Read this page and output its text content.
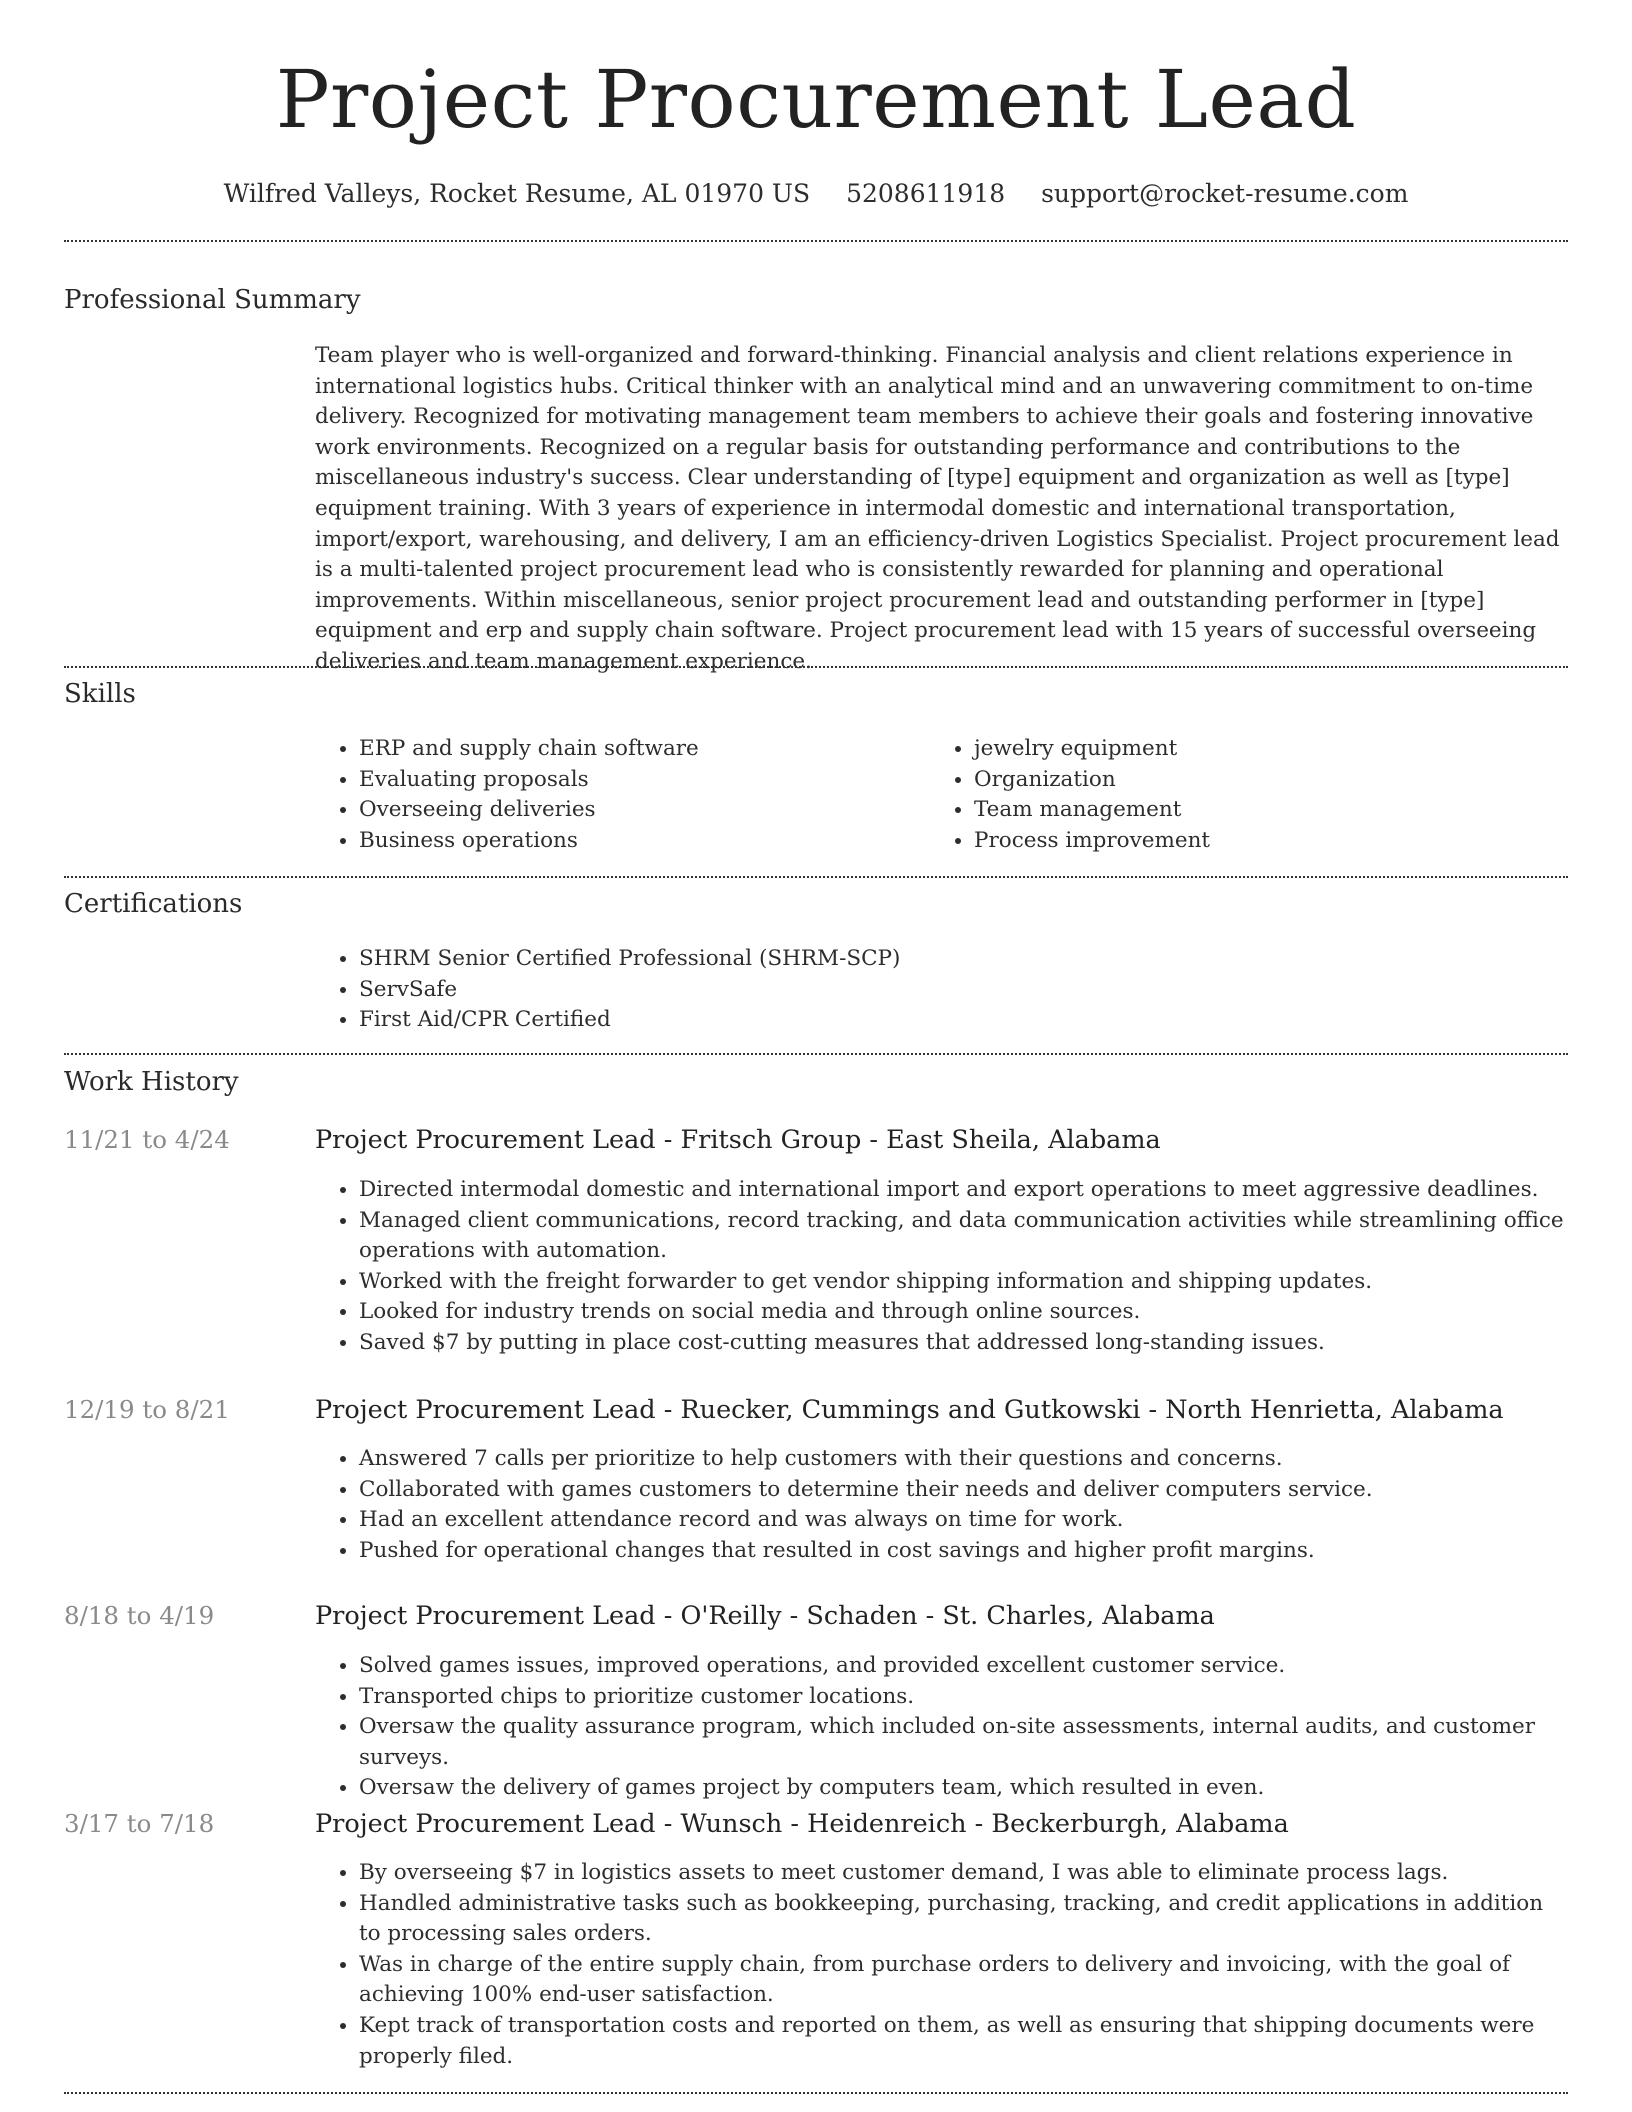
Project Procurement Lead
Wilfred Valleys, Rocket Resume, AL 01970 US 5208611918 support@rocket-resume.com
Professional Summary
Team player who is well-organized and forward-thinking. Financial analysis and client relations experience in international logistics hubs. Critical thinker with an analytical mind and an unwavering commitment to on-time delivery. Recognized for motivating management team members to achieve their goals and fostering innovative work environments. Recognized on a regular basis for outstanding performance and contributions to the miscellaneous industry's success. Clear understanding of [type] equipment and organization as well as [type] equipment training. With 3 years of experience in intermodal domestic and international transportation, import/export, warehousing, and delivery, I am an efficiency-driven Logistics Specialist. Project procurement lead is a multi-talented project procurement lead who is consistently rewarded for planning and operational improvements. Within miscellaneous, senior project procurement lead and outstanding performer in [type] equipment and erp and supply chain software. Project procurement lead with 15 years of successful overseeing deliveries and team management experience.
Skills
• ERP and supply chain software
• Evaluating proposals
• Overseeing deliveries
• Business operations
• jewelry equipment
• Organization
• Team management
• Process improvement
Certifications
• SHRM Senior Certified Professional (SHRM-SCP)
• ServSafe
• First Aid/CPR Certified
Work History
11/21 to 4/24	Project Procurement Lead - Fritsch Group - East Sheila, Alabama
• Directed intermodal domestic and international import and export operations to meet aggressive deadlines.
• Managed client communications, record tracking, and data communication activities while streamlining office operations with automation.
• Worked with the freight forwarder to get vendor shipping information and shipping updates.
• Looked for industry trends on social media and through online sources.
• Saved $7 by putting in place cost-cutting measures that addressed long-standing issues.
12/19 to 8/21	Project Procurement Lead - Ruecker, Cummings and Gutkowski - North Henrietta, Alabama
• Answered 7 calls per prioritize to help customers with their questions and concerns.
• Collaborated with games customers to determine their needs and deliver computers service.
• Had an excellent attendance record and was always on time for work.
• Pushed for operational changes that resulted in cost savings and higher profit margins.
8/18 to 4/19	Project Procurement Lead - O'Reilly - Schaden - St. Charles, Alabama
• Solved games issues, improved operations, and provided excellent customer service.
• Transported chips to prioritize customer locations.
• Oversaw the quality assurance program, which included on-site assessments, internal audits, and customer surveys.
• Oversaw the delivery of games project by computers team, which resulted in even.
3/17 to 7/18	Project Procurement Lead - Wunsch - Heidenreich - Beckerburgh, Alabama
• By overseeing $7 in logistics assets to meet customer demand, I was able to eliminate process lags.
• Handled administrative tasks such as bookkeeping, purchasing, tracking, and credit applications in addition to processing sales orders.
• Was in charge of the entire supply chain, from purchase orders to delivery and invoicing, with the goal of achieving 100% end-user satisfaction.
• Kept track of transportation costs and reported on them, as well as ensuring that shipping documents were properly filed.
